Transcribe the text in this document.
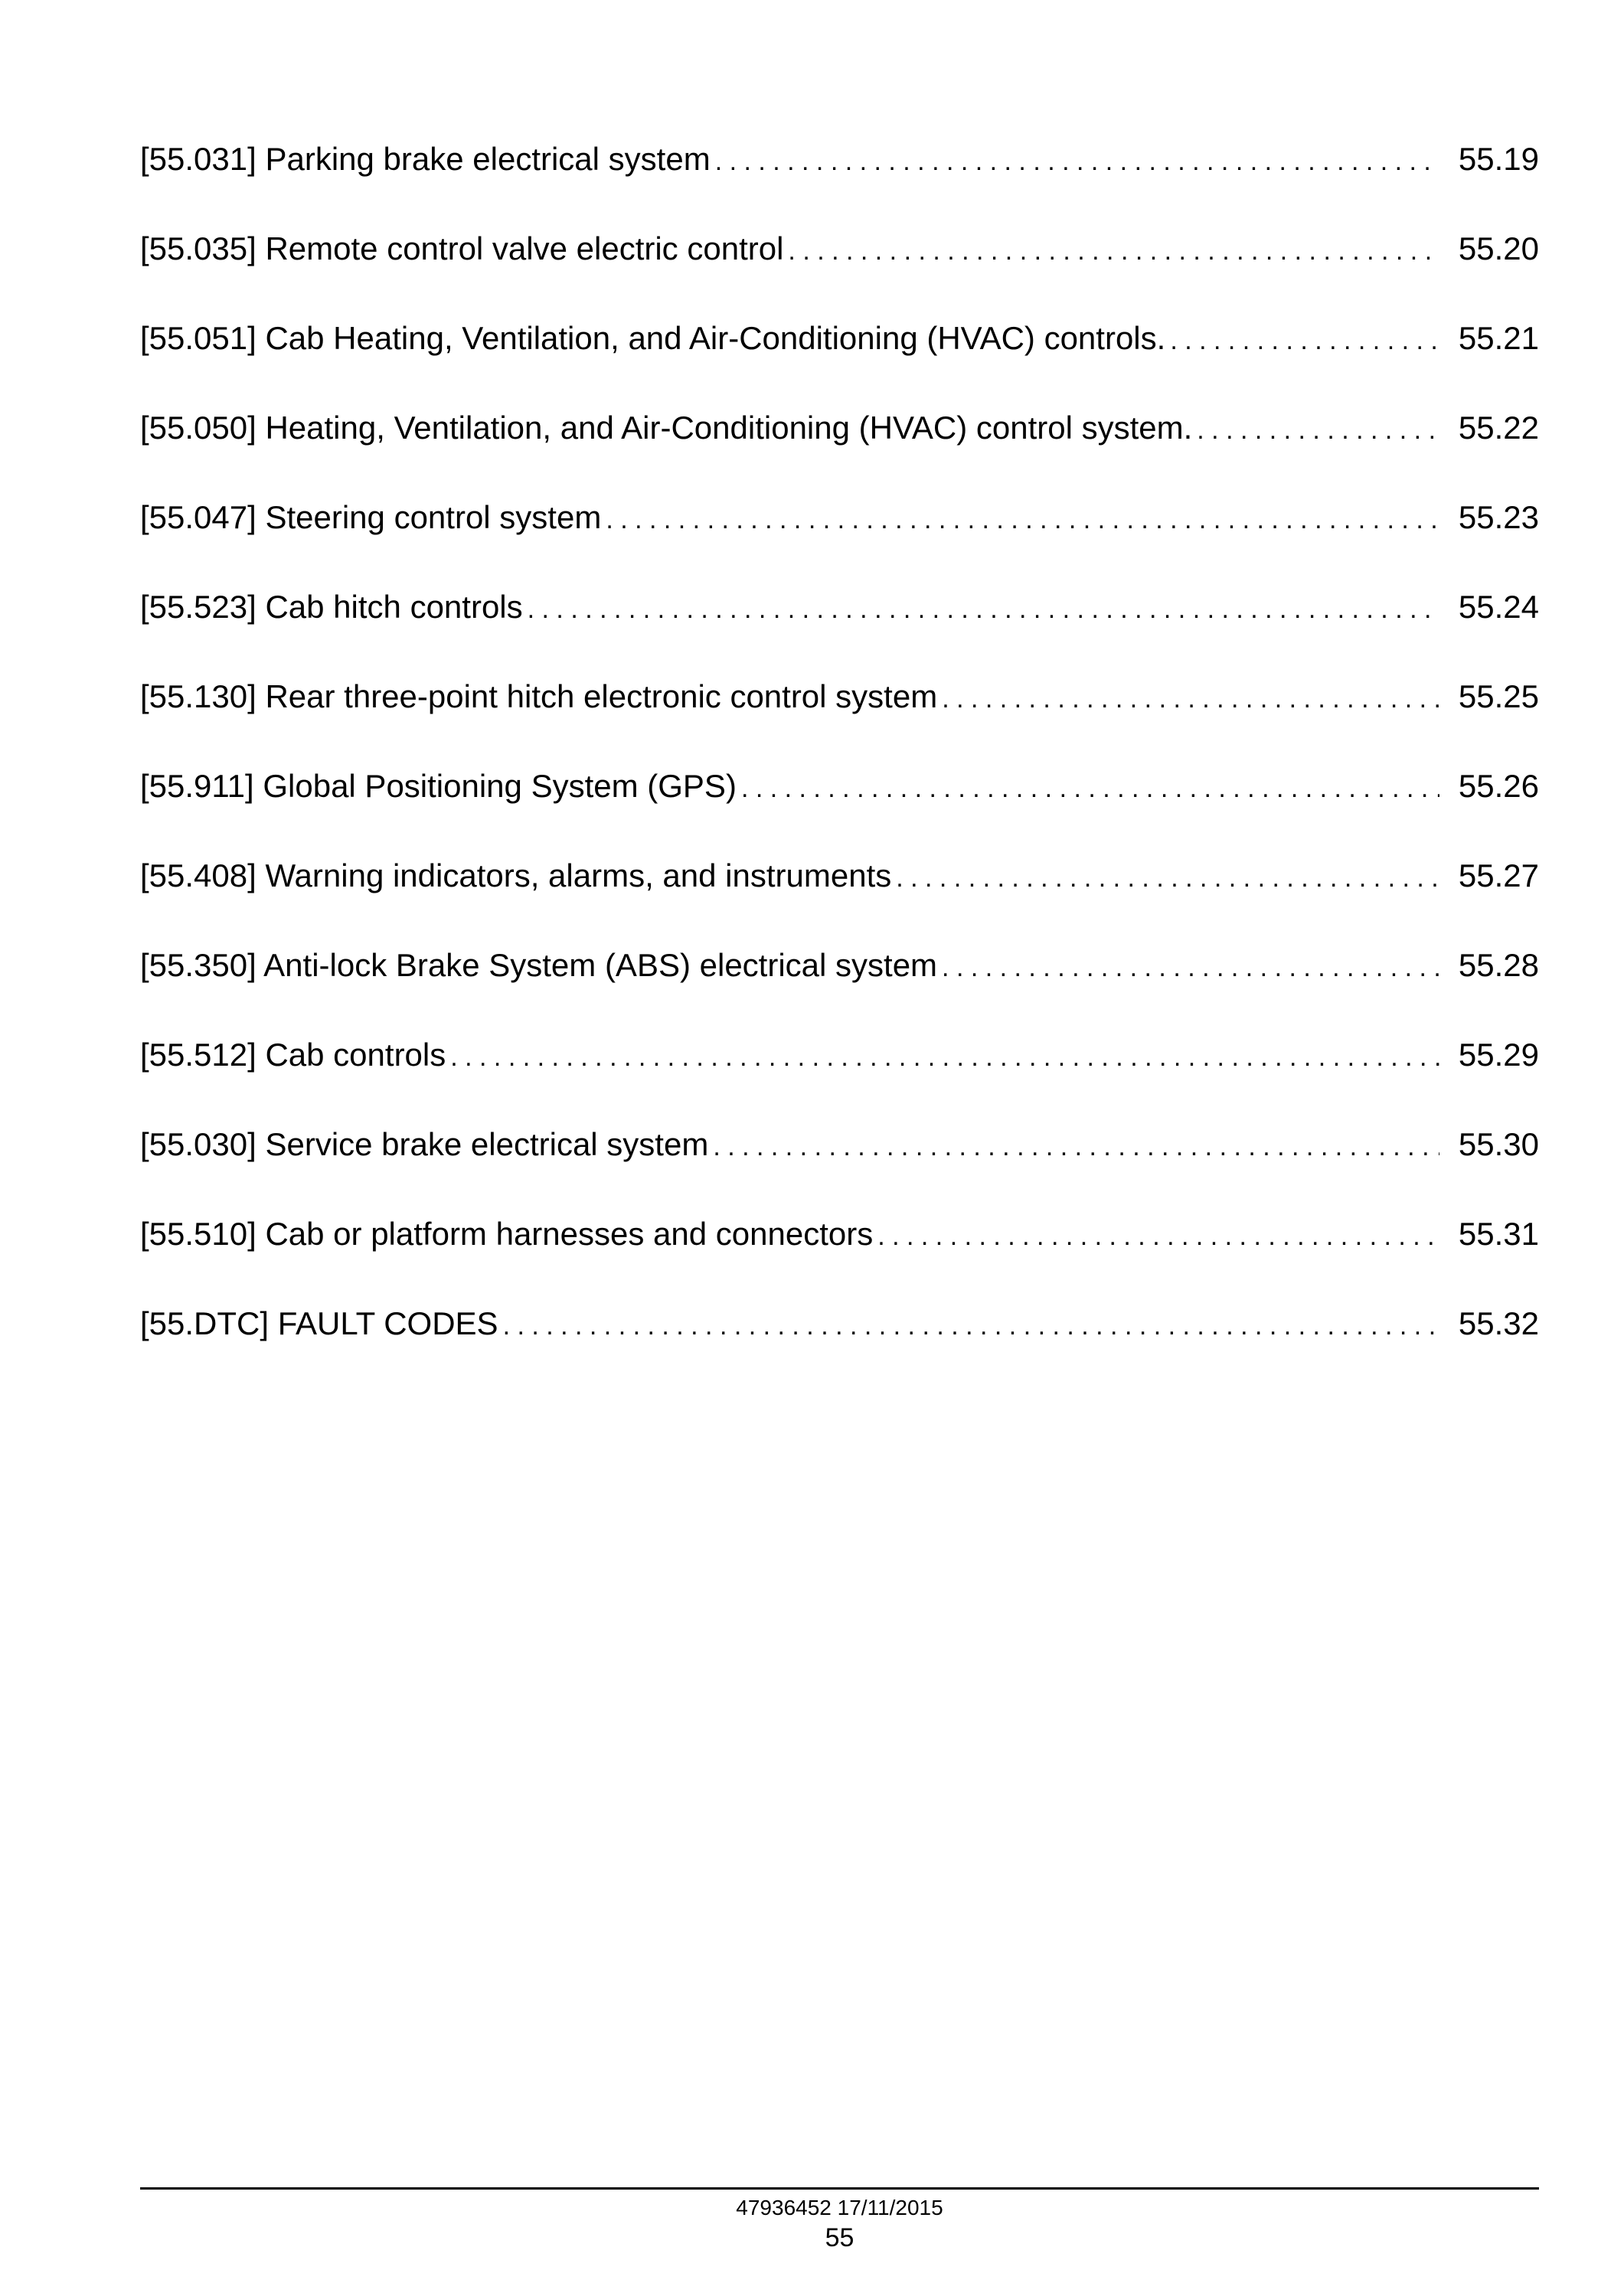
[55.031] Parking brake electrical system . . .	55.19
[55.035] Remote control valve electric control . . .	55.20
[55.051] Cab Heating, Ventilation, and Air-Conditioning (HVAC) controls. . . .	55.21
[55.050] Heating, Ventilation, and Air-Conditioning (HVAC) control system. . . .	55.22
[55.047] Steering control system . . .	55.23
[55.523] Cab hitch controls . . .	55.24
[55.130] Rear three-point hitch electronic control system . . .	55.25
[55.911] Global Positioning System (GPS) . . .	55.26
[55.408] Warning indicators, alarms, and instruments . . .	55.27
[55.350] Anti-lock Brake System (ABS) electrical system . . .	55.28
[55.512] Cab controls . . .	55.29
[55.030] Service brake electrical system . . .	55.30
[55.510] Cab or platform harnesses and connectors . . .	55.31
[55.DTC] FAULT CODES . . .	55.32
47936452 17/11/2015
55
